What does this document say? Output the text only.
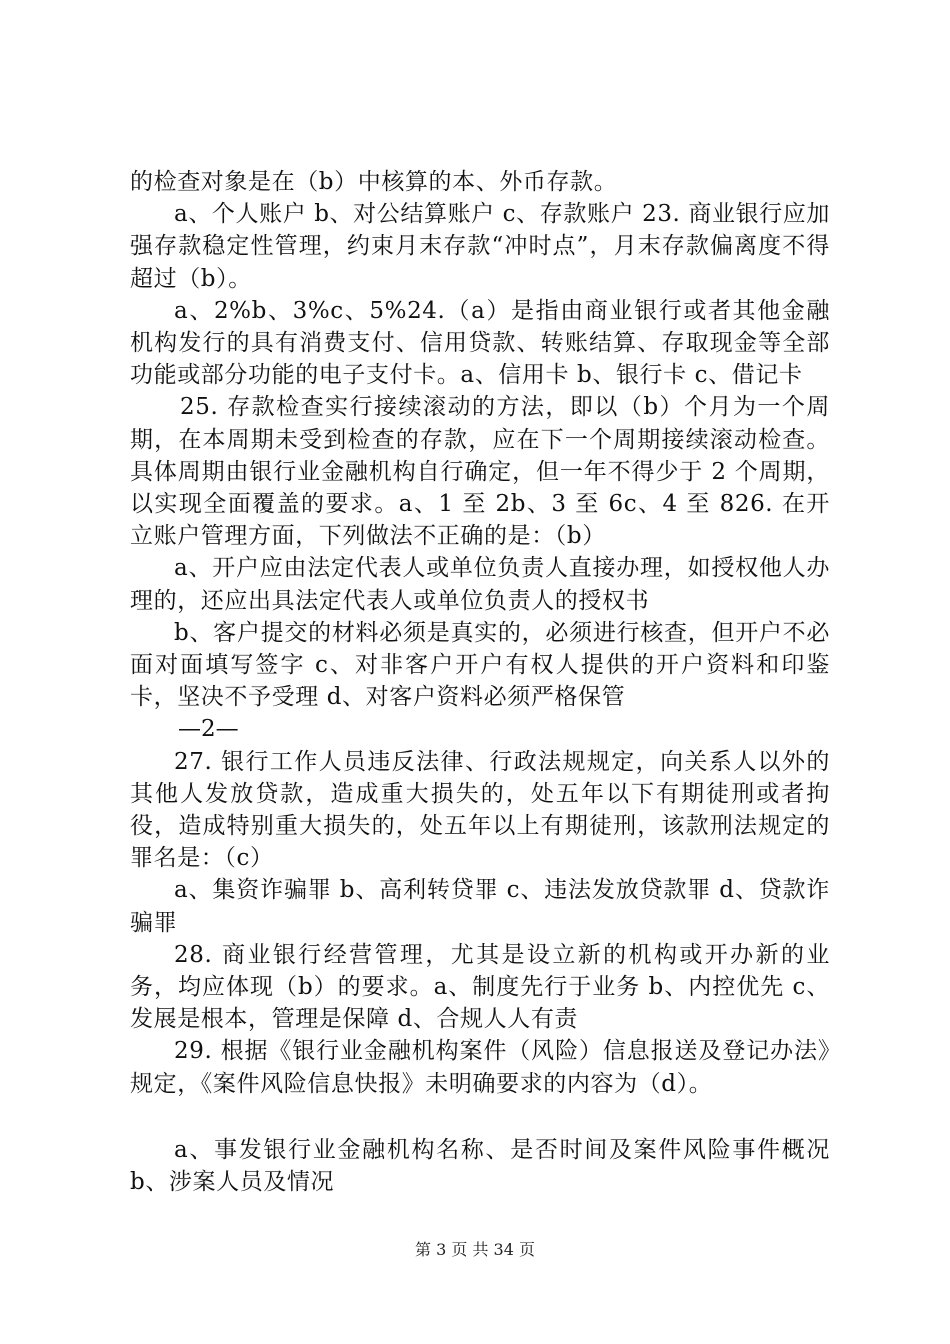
的检查对象是在（b）中核算的本、外币存款。

a、个人账户 b、对公结算账户 c、存款账户 23. 商业银行应加强存款稳定性管理，约束月末存款“冲时点”，月末存款偏离度不得超过（b）。

a、2%b、3%c、5%24.（a）是指由商业银行或者其他金融机构发行的具有消费支付、信用贷款、转账结算、存取现金等全部功能或部分功能的电子支付卡。a、信用卡 b、银行卡 c、借记卡

25. 存款检查实行接续滚动的方法，即以（b）个月为一个周期，在本周期未受到检查的存款，应在下一个周期接续滚动检查。具体周期由银行业金融机构自行确定，但一年不得少于 2 个周期，以实现全面覆盖的要求。a、1 至 2b、3 至 6c、4 至 826. 在开立账户管理方面，下列做法不正确的是：（b）

a、开户应由法定代表人或单位负责人直接办理，如授权他人办理的，还应出具法定代表人或单位负责人的授权书

b、客户提交的材料必须是真实的，必须进行核查，但开户不必面对面填写签字 c、对非客户开户有权人提供的开户资料和印鉴卡，坚决不予受理 d、对客户资料必须严格保管

—2—

27. 银行工作人员违反法律、行政法规规定，向关系人以外的其他人发放贷款，造成重大损失的，处五年以下有期徒刑或者拘役，造成特别重大损失的，处五年以上有期徒刑，该款刑法规定的罪名是：（c）

a、集资诈骗罪 b、高利转贷罪 c、违法发放贷款罪 d、贷款诈骗罪

28. 商业银行经营管理，尤其是设立新的机构或开办新的业务，均应体现（b）的要求。a、制度先行于业务 b、内控优先 c、发展是根本，管理是保障 d、合规人人有责

29. 根据《银行业金融机构案件（风险）信息报送及登记办法》规定，《案件风险信息快报》未明确要求的内容为（d）。

a、事发银行业金融机构名称、是否时间及案件风险事件概况 b、涉案人员及情况

第 3 页 共 34 页
